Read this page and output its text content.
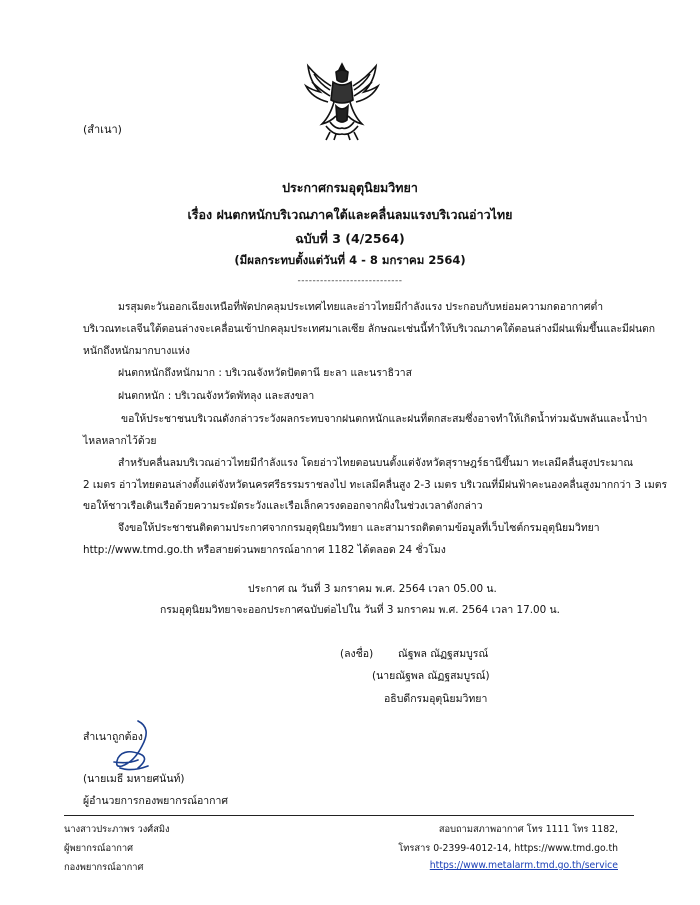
(สำเนา)
ประกาศกรมอุตุนิยมวิทยา
เรื่อง ฝนตกหนักบริเวณภาคใต้และคลื่นลมแรงบริเวณอ่าวไทย
ฉบับที่ 3 (4/2564)
(มีผลกระทบตั้งแต่วันที่ 4 - 8 มกราคม 2564)
----------------------------
มรสุมตะวันออกเฉียงเหนือที่พัดปกคลุมประเทศไทยและอ่าวไทยมีกำลังแรง ประกอบกับหย่อมความกดอากาศต่ำ
บริเวณทะเลจีนใต้ตอนล่างจะเคลื่อนเข้าปกคลุมประเทศมาเลเซีย ลักษณะเช่นนี้ทำให้บริเวณภาคใต้ตอนล่างมีฝนเพิ่มขึ้นและมีฝนตก
หนักถึงหนักมากบางแห่ง
ฝนตกหนักถึงหนักมาก : บริเวณจังหวัดปัตตานี ยะลา และนราธิวาส
ฝนตกหนัก : บริเวณจังหวัดพัทลุง และสงขลา
ขอให้ประชาชนบริเวณดังกล่าวระวังผลกระทบจากฝนตกหนักและฝนที่ตกสะสมซึ่งอาจทำให้เกิดน้ำท่วมฉับพลันและน้ำป่า
ไหลหลากไว้ด้วย
สำหรับคลื่นลมบริเวณอ่าวไทยมีกำลังแรง โดยอ่าวไทยตอนบนตั้งแต่จังหวัดสุราษฎร์ธานีขึ้นมา ทะเลมีคลื่นสูงประมาณ
2 เมตร อ่าวไทยตอนล่างตั้งแต่จังหวัดนครศรีธรรมราชลงไป ทะเลมีคลื่นสูง 2-3 เมตร บริเวณที่มีฝนฟ้าคะนองคลื่นสูงมากกว่า 3 เมตร
ขอให้ชาวเรือเดินเรือด้วยความระมัดระวังและเรือเล็กควรงดออกจากฝั่งในช่วงเวลาดังกล่าว
จึงขอให้ประชาชนติดตามประกาศจากกรมอุตุนิยมวิทยา และสามารถติดตามข้อมูลที่เว็บไซต์กรมอุตุนิยมวิทยา
http://www.tmd.go.th หรือสายด่วนพยากรณ์อากาศ 1182 ได้ตลอด 24 ชั่วโมง
ประกาศ ณ วันที่ 3 มกราคม พ.ศ. 2564 เวลา 05.00 น.
กรมอุตุนิยมวิทยาจะออกประกาศฉบับต่อไปใน วันที่ 3 มกราคม พ.ศ. 2564 เวลา 17.00 น.
(ลงชื่อ) ณัฐพล ณัฏฐสมบูรณ์
(นายณัฐพล ณัฏฐสมบูรณ์)
อธิบดีกรมอุตุนิยมวิทยา
สำเนาถูกต้อง
(นายเมธี มหายศนันท์)
ผู้อำนวยการกองพยากรณ์อากาศ
นางสาวประภาพร วงศ์สมิง
ผู้พยากรณ์อากาศ
กองพยากรณ์อากาศ
สอบถามสภาพอากาศ โทร 1111 โทร 1182,
โทรสาร 0-2399-4012-14, https://www.tmd.go.th
https://www.metalarm.tmd.go.th/service
